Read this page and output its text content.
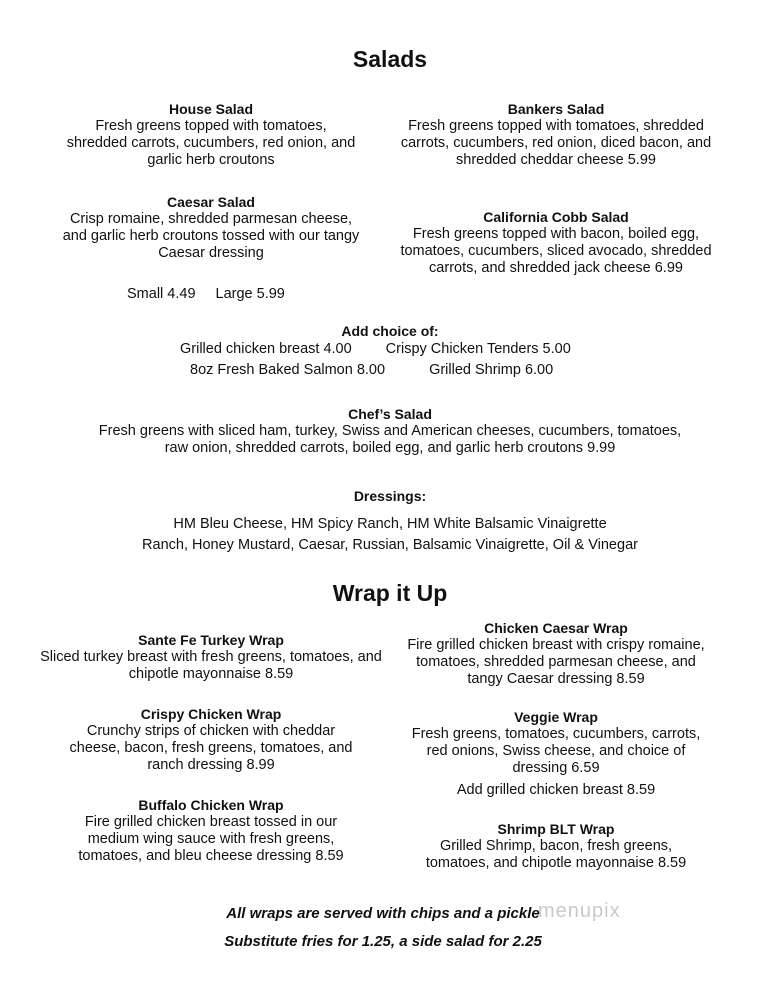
Salads
House Salad
Fresh greens topped with tomatoes, shredded carrots, cucumbers, red onion, and garlic herb croutons
Bankers Salad
Fresh greens topped with tomatoes, shredded carrots, cucumbers, red onion, diced bacon, and shredded cheddar cheese 5.99
Caesar Salad
Crisp romaine, shredded parmesan cheese, and garlic herb croutons tossed with our tangy Caesar dressing
California Cobb Salad
Fresh greens topped with bacon, boiled egg, tomatoes, cucumbers, sliced avocado, shredded carrots, and shredded jack cheese 6.99
Small 4.49 Large 5.99
Add choice of:
Grilled chicken breast 4.00 Crispy Chicken Tenders 5.00
8oz Fresh Baked Salmon 8.00	Grilled Shrimp 6.00
Chef’s Salad
Fresh greens with sliced ham, turkey, Swiss and American cheeses, cucumbers, tomatoes, raw onion, shredded carrots, boiled egg, and garlic herb croutons 9.99
Dressings:
HM Bleu Cheese, HM Spicy Ranch, HM White Balsamic Vinaigrette
Ranch, Honey Mustard, Caesar, Russian, Balsamic Vinaigrette, Oil & Vinegar
Wrap it Up
Sante Fe Turkey Wrap
Sliced turkey breast with fresh greens, tomatoes, and chipotle mayonnaise 8.59
Chicken Caesar Wrap
Fire grilled chicken breast with crispy romaine, tomatoes, shredded parmesan cheese, and tangy Caesar dressing 8.59
Crispy Chicken Wrap
Crunchy strips of chicken with cheddar cheese, bacon, fresh greens, tomatoes, and ranch dressing 8.99
Veggie Wrap
Fresh greens, tomatoes, cucumbers, carrots, red onions, Swiss cheese, and choice of dressing 6.59
Add grilled chicken breast 8.59
Buffalo Chicken Wrap
Fire grilled chicken breast tossed in our medium wing sauce with fresh greens, tomatoes, and bleu cheese dressing 8.59
Shrimp BLT Wrap
Grilled Shrimp, bacon, fresh greens, tomatoes, and chipotle mayonnaise 8.59
All wraps are served with chips and a pickle
Substitute fries for 1.25, a side salad for 2.25
menupix
